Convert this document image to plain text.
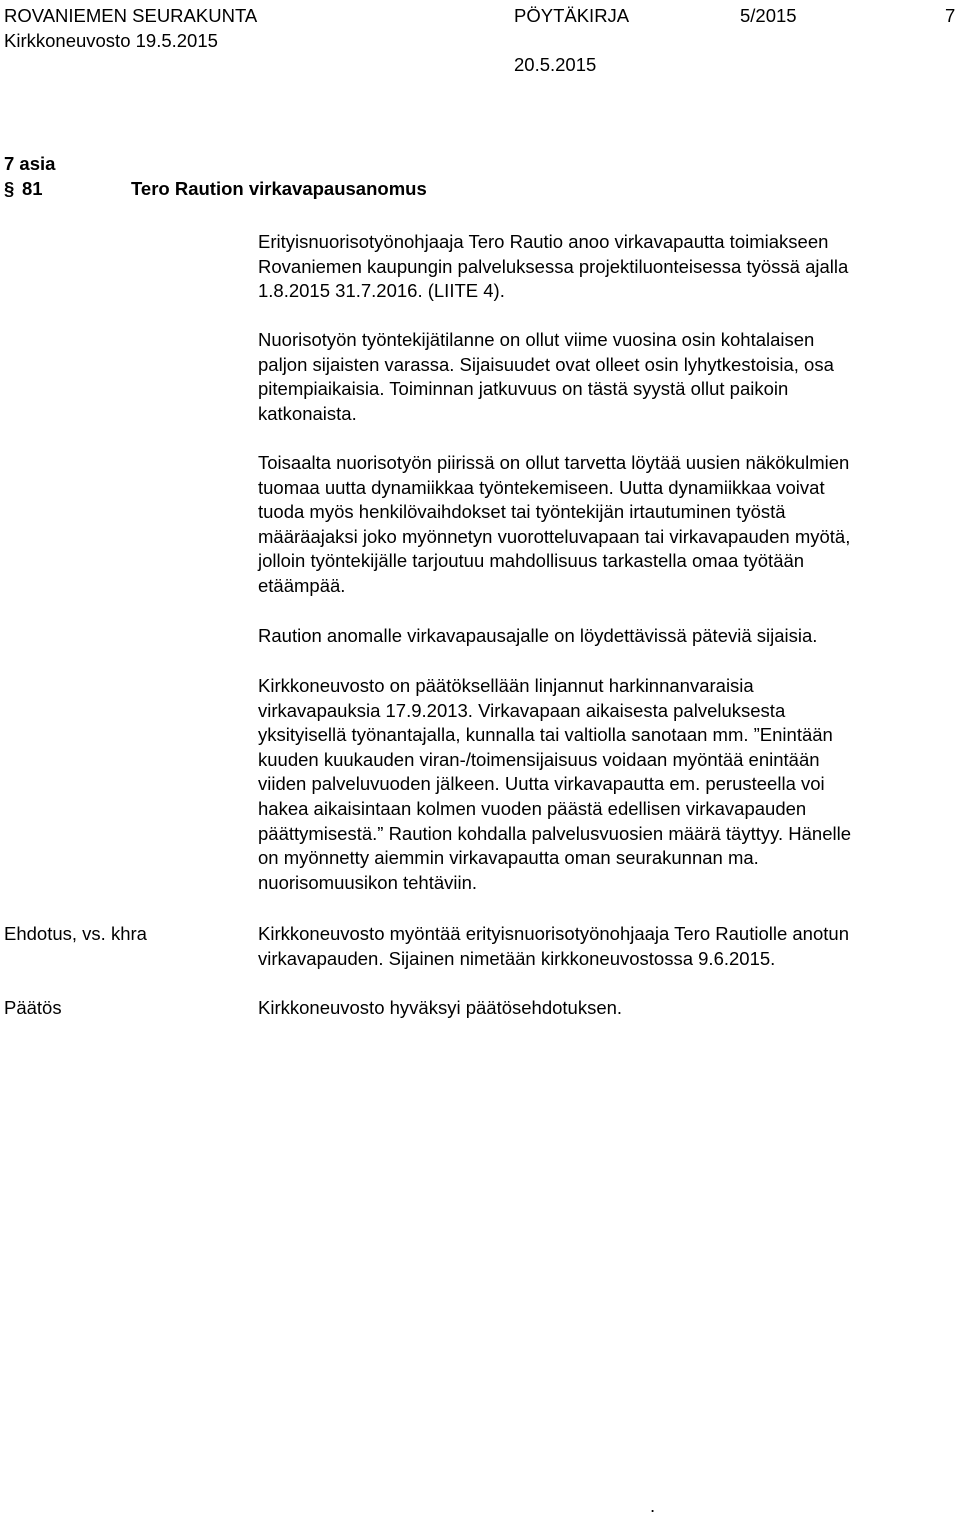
ROVANIEMEN SEURAKUNTA	PÖYTÄKIRJA	5/2015	7
Kirkkoneuvosto 19.5.2015
20.5.2015
7 asia
§ 81	Tero Raution virkavapausanomus
Erityisnuorisotyönohjaaja Tero Rautio anoo virkavapautta toimiakseen
Rovaniemen kaupungin palveluksessa projektiluonteisessa työssä ajalla
1.8.2015 31.7.2016. (LIITE 4).
Nuorisotyön työntekijätilanne on ollut viime vuosina osin kohtalaisen
paljon sijaisten varassa. Sijaisuudet ovat olleet osin lyhytkestoisia, osa
pitempiaikaisia. Toiminnan jatkuvuus on tästä syystä ollut paikoin
katkonaista.
Toisaalta nuorisotyön piirissä on ollut tarvetta löytää uusien näkökulmien
tuomaa uutta dynamiikkaa työntekemiseen. Uutta dynamiikkaa voivat
tuoda myös henkilövaihdokset tai työntekijän irtautuminen työstä
määräajaksi joko myönnetyn vuorotteluvapaan tai virkavapauden myötä,
jolloin työntekijälle tarjoutuu mahdollisuus tarkastella omaa työtään
etäämpää.
Raution anomalle virkavapausajalle on löydettävissä päteviä sijaisia.
Kirkkoneuvosto on päätöksellään linjannut harkinnanvaraisia
virkavapauksia 17.9.2013. Virkavapaan aikaisesta palveluksesta
yksityisellä työnantajalla, kunnalla tai valtiolla sanotaan mm. ”Enintään
kuuden kuukauden viran-/toimensijaisuus voidaan myöntää enintään
viiden palveluvuoden jälkeen. Uutta virkavapautta em. perusteella voi
hakea aikaisintaan kolmen vuoden päästä edellisen virkavapauden
päättymisestä.” Raution kohdalla palvelusvuosien määrä täyttyy. Hänelle
on myönnetty aiemmin virkavapautta oman seurakunnan ma.
nuorisomuusikon tehtäviin.
Ehdotus, vs. khra	Kirkkoneuvosto myöntää erityisnuorisotyönohjaaja Tero Rautiolle anotun
virkavapauden. Sijainen nimetään kirkkoneuvostossa 9.6.2015.
Päätös	Kirkkoneuvosto hyväksyi päätösehdotuksen.
.
